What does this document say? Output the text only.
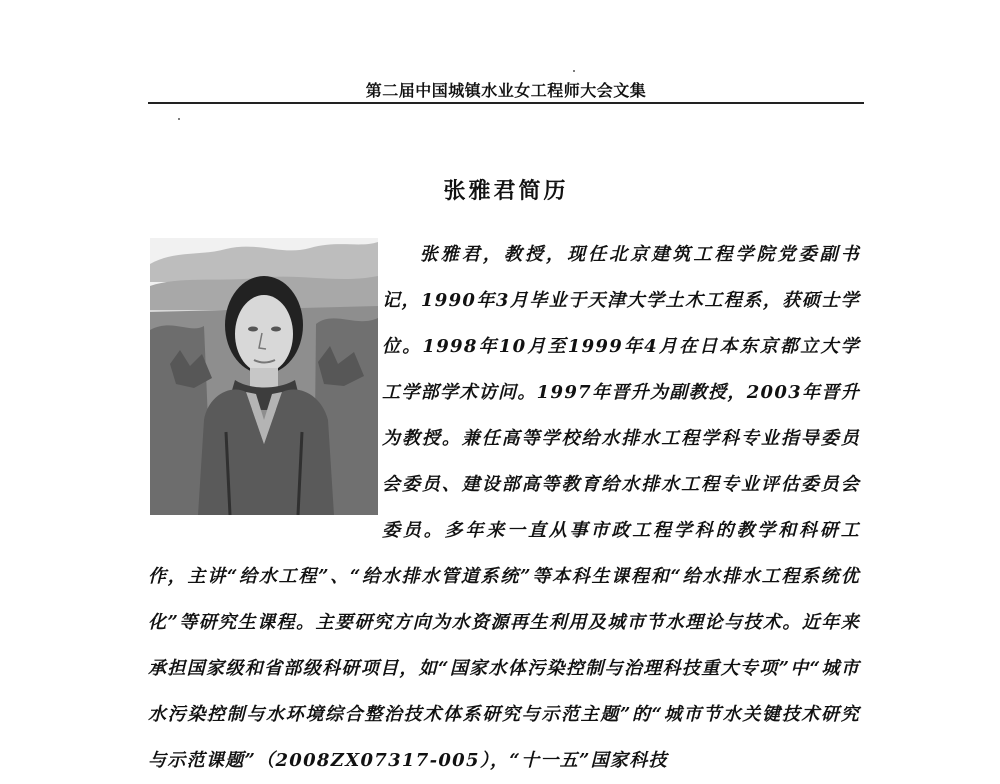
第二届中国城镇水业女工程师大会文集
张雅君简历
张雅君，教授，现任北京建筑工程学院党委副书记，1990年3月毕业于天津大学土木工程系，获硕士学位。1998年10月至1999年4月在日本东京都立大学工学部学术访问。1997年晋升为副教授，2003年晋升为教授。兼任高等学校给水排水工程学科专业指导委员会委员、建设部高等教育给水排水工程专业评估委员会委员。多年来一直从事市政工程学科的教学和科研工作，主讲“给水工程”、“给水排水管道系统”等本科生课程和“给水排水工程系统优化”等研究生课程。主要研究方向为水资源再生利用及城市节水理论与技术。近年来承担国家级和省部级科研项目，如“国家水体污染控制与治理科技重大专项”中“城市水污染控制与水环境综合整治技术体系研究与示范主题”的“城市节水关键技术研究与示范课题”（2008ZX07317-005），“十一五”国家科技
